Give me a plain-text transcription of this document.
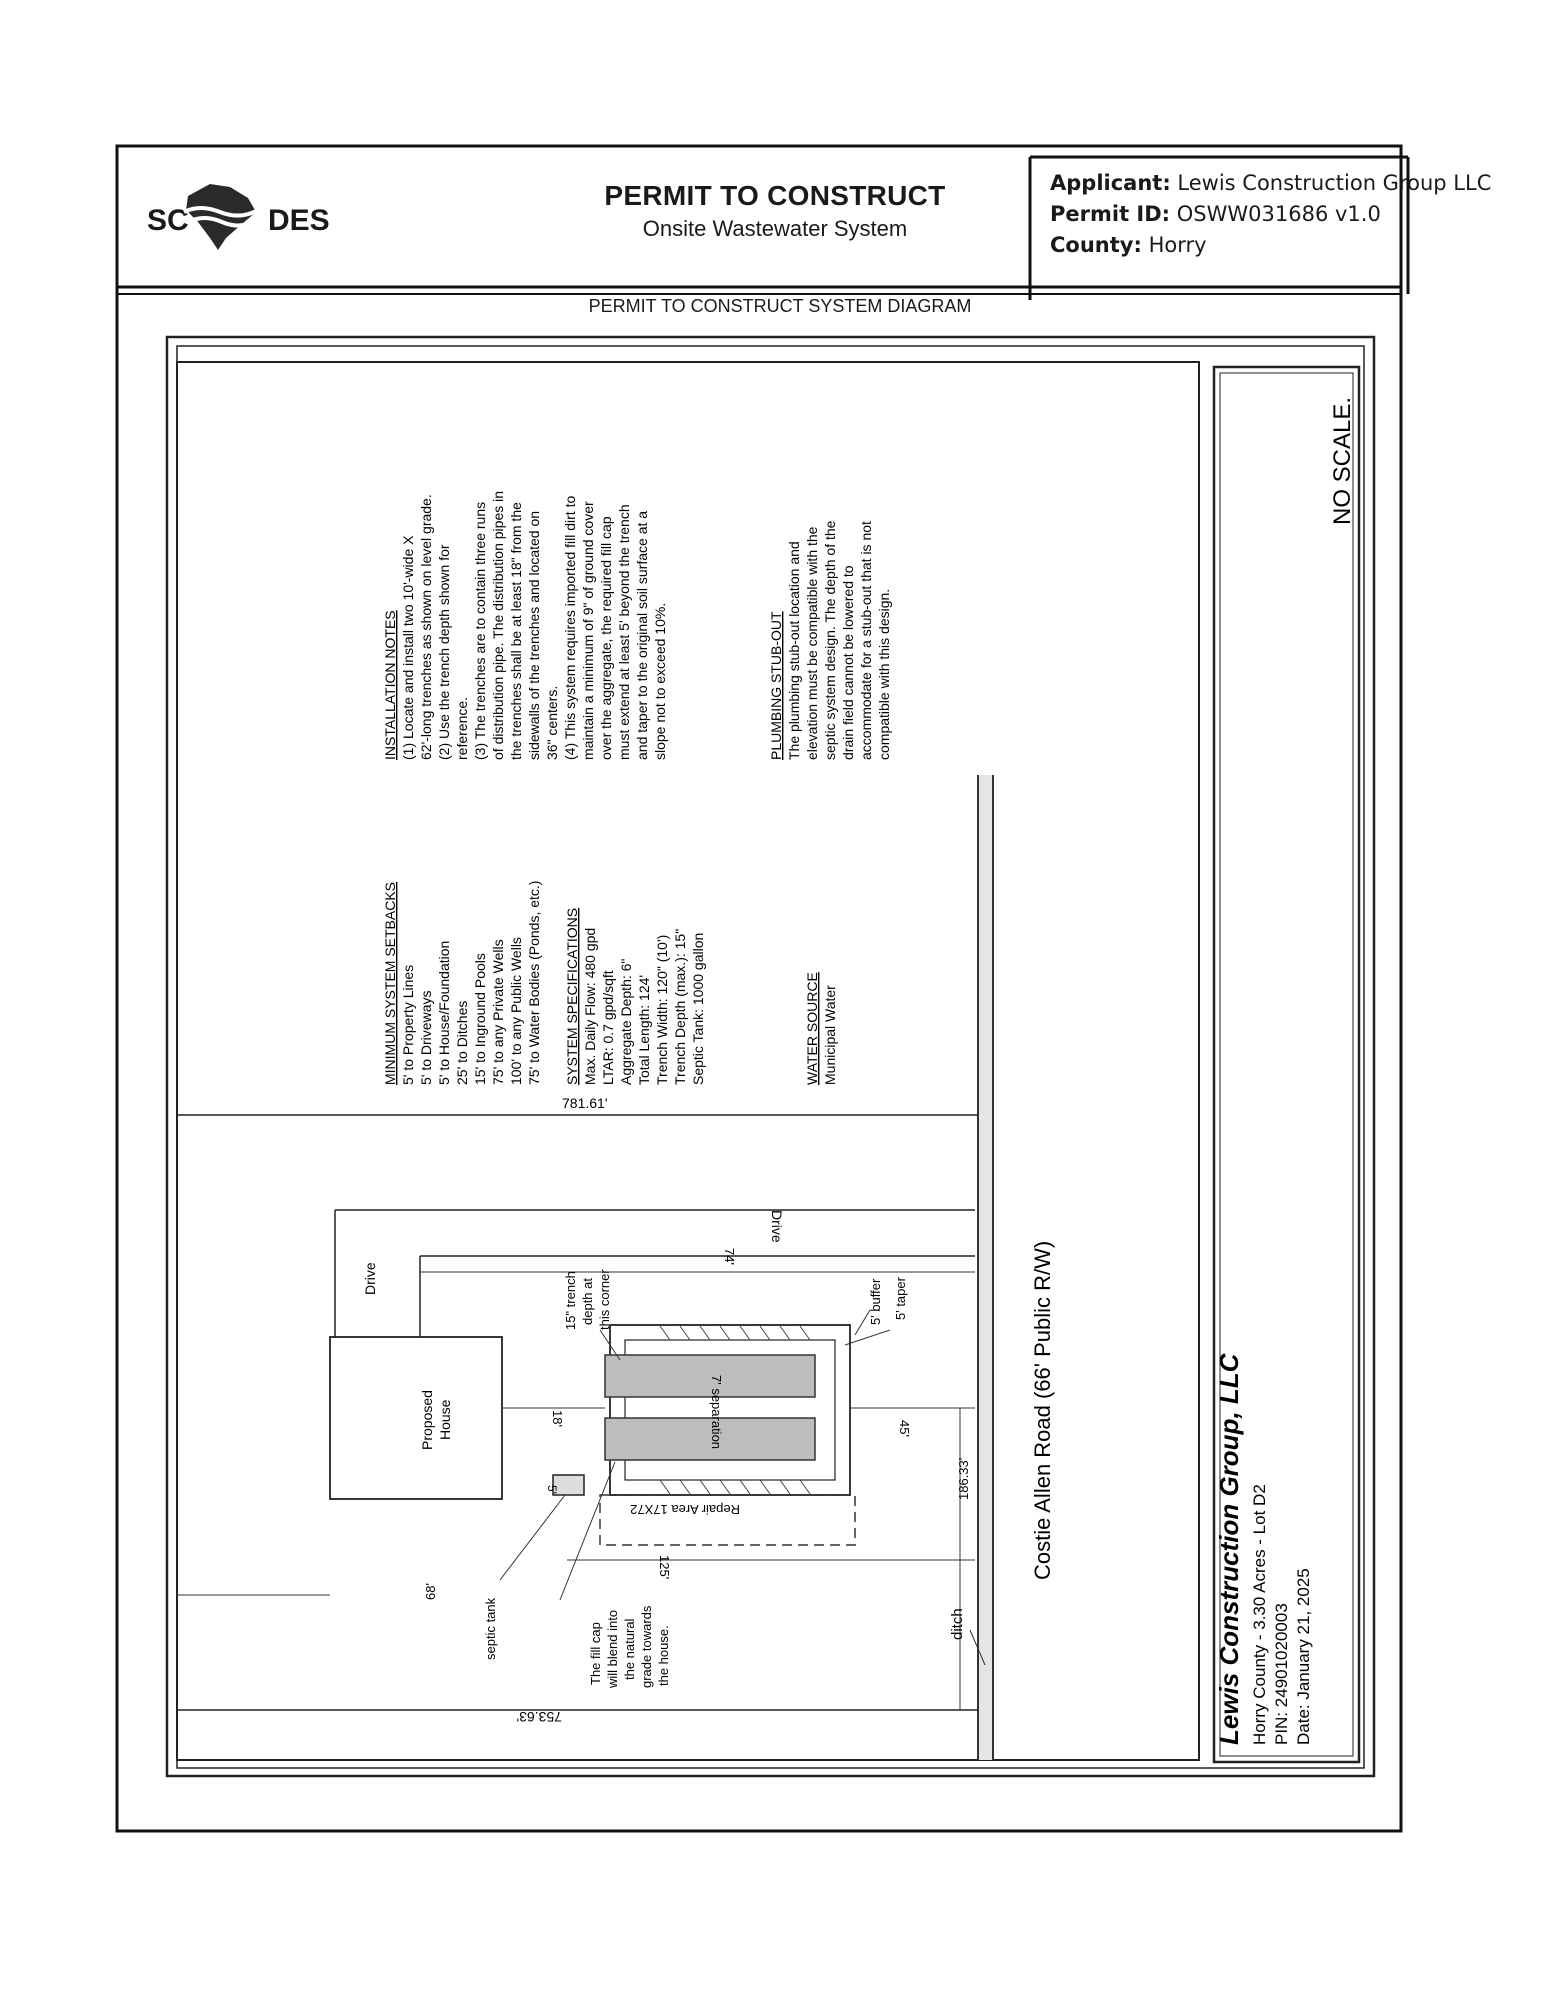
SC	DES
PERMIT TO CONSTRUCT
Onsite Wastewater System
Applicant: Lewis Construction Group LLC
Permit ID: OSWW031686 v1.0
County: Horry
PERMIT TO CONSTRUCT SYSTEM DIAGRAM
MINIMUM SYSTEM SETBACKS 5' to Property Lines 5' to Driveways 5' to House/Foundation 25' to Ditches 15' to Inground Pools 75' to any Private Wells 100' to any Public Wells 75' to Water Bodies (Ponds, etc.) SYSTEM SPECIFICATIONS Max. Daily Flow: 480 gpd LTAR: 0.7 gpd/sqft Aggregate Depth: 6" Total Length: 124' Trench Width: 120" (10') Trench Depth (max.): 15" Septic Tank: 1000 gallon	WATER SOURCE Municipal Water
INSTALLATION NOTES (1) Locate and install two 10'-wide X 62'-long trenches as shown on level grade. (2) Use the trench depth shown for reference. (3) The trenches are to contain three runs of distribution pipe. The distribution pipes in the trenches shall be at least 18" from the sidewalls of the trenches and located on 36" centers. (4) This system requires imported fill dirt to maintain a minimum of 9" of ground cover over the aggregate, the required fill cap must extend at least 5' beyond the trench and taper to the original soil surface at a slope not to exceed 10%.	PLUMBING STUB-OUT The plumbing stub-out location and elevation must be compatible with the septic system design. The depth of the drain field cannot be lowered to accommodate for a stub-out that is not compatible with this design.
781.61'
753.63'
Drive
Drive
Proposed House
15" trench depth at this corner
74'
18'
45'
7' separation
5' buffer 5' taper
Repair Area 17X72
5'
septic tank
68'
125'
186.33'
The fill cap will blend into the natural grade towards the house.
ditch
Costie Allen Road (66' Public R/W)	Lewis Construction Group, LLC Horry County - 3.30 Acres - Lot D2 PIN: 24901020003 Date: January 21, 2025
NO SCALE.
